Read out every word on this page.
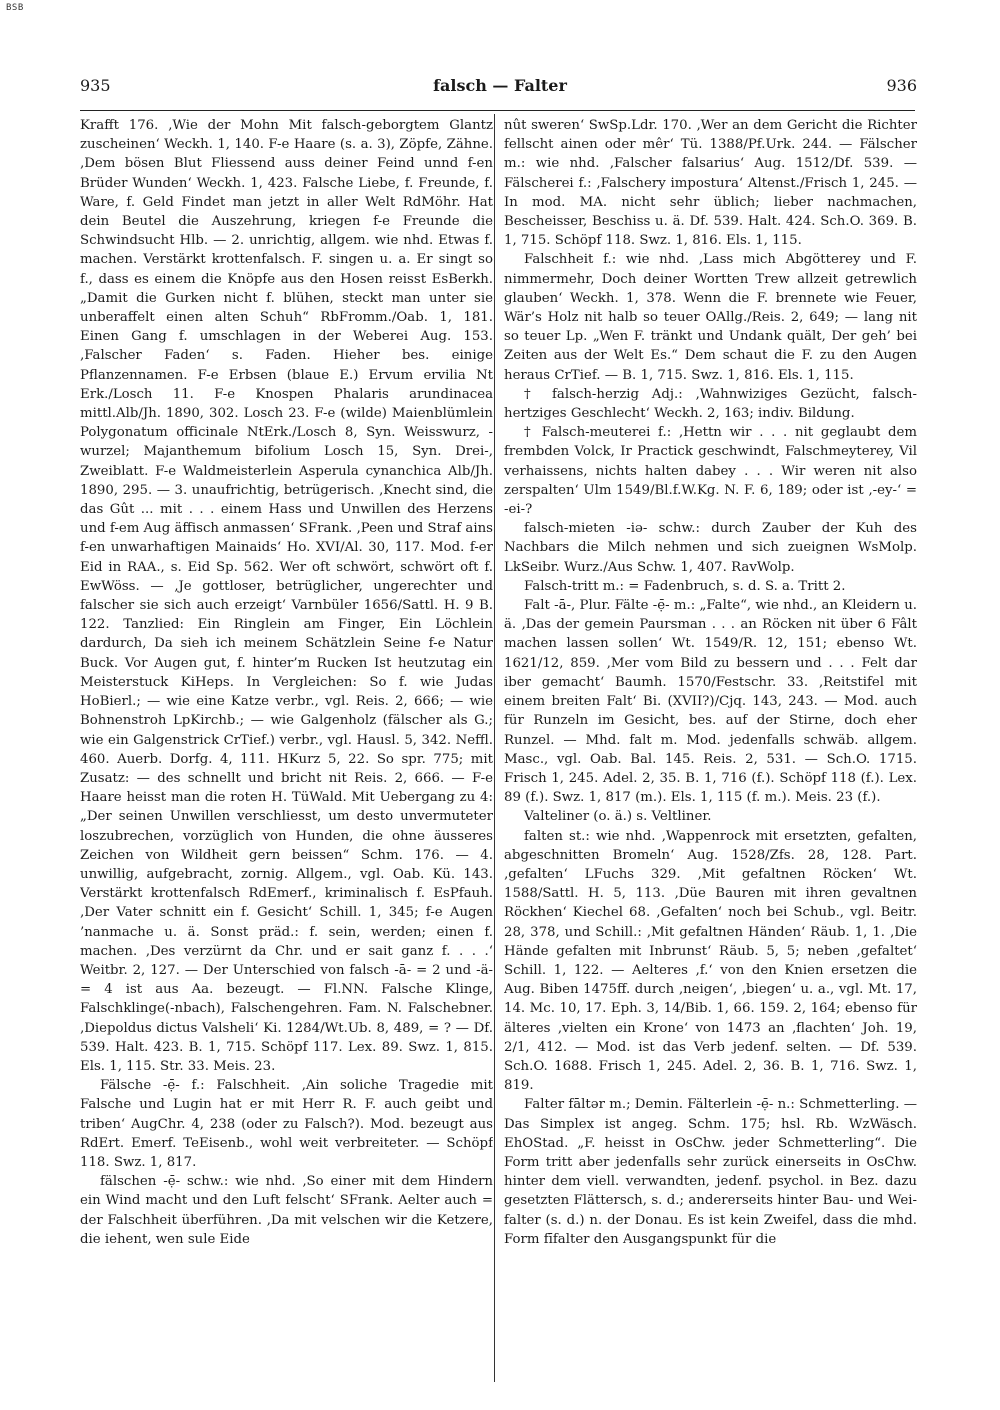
BSB
935	falsch — Falter	936

Krafft 176. ‚Wie der Mohn Mit falsch-geborgtem Glantz zuscheinen‘ Weckh. 1, 140. F-e Haare (s. a. 3), Zöpfe, Zähne. ‚Dem bösen Blut Fliessend auss deiner Feind unnd f-en Brüder Wunden‘ Weckh. 1, 423. Falsche Liebe, f. Freunde, f. Ware, f. Geld Findet man jetzt in aller Welt RdMöhr. Hat dein Beutel die Auszehrung, kriegen f-e Freunde die Schwindsucht Hlb. — 2. unrichtig, allgem. wie nhd. Etwas f. machen. Verstärkt krottenfalsch. F. singen u. a. Er singt so f., dass es einem die Knöpfe aus den Hosen reisst EsBerkh. „Damit die Gurken nicht f. blühen, steckt man unter sie unberaffelt einen alten Schuh“ RbFromm./Oab. 1, 181. Einen Gang f. umschlagen in der Weberei Aug. 153. ‚Falscher Faden‘ s. Faden. Hieher bes. einige Pflanzennamen. F-e Erbsen (blaue E.) Ervum ervilia Nt Erk./Losch 11. F-e Knospen Phalaris arundinacea mittl.Alb/Jh. 1890, 302. Losch 23. F-e (wilde) Maienblümlein Polygonatum officinale NtErk./Losch 8, Syn. Weisswurz, -wurzel; Majanthemum bifolium Losch 15, Syn. Drei-, Zweiblatt. F-e Waldmeisterlein Asperula cynanchica Alb/Jh. 1890, 295. — 3. unaufrichtig, betrügerisch. ‚Knecht sind, die das Gût ... mit . . . einem Hass und Unwillen des Herzens und f-em Aug äffisch anmassen‘ SFrank. ‚Peen und Straf ains f-en unwarhaftigen Mainaids‘ Ho. XVI/Al. 30, 117. Mod. f-er Eid in RAA., s. Eid Sp. 562. Wer oft schwört, schwört oft f. EwWöss. — ‚Je gottloser, betrüglicher, ungerechter und falscher sie sich auch erzeigt‘ Varnbüler 1656/Sattl. H. 9 B. 122. Tanzlied: Ein Ringlein am Finger, Ein Löchlein dardurch, Da sieh ich meinem Schätzlein Seine f-e Natur Buck. Vor Augen gut, f. hinter’m Rucken Ist heutzutag ein Meisterstuck KiHeps. In Vergleichen: So f. wie Judas HoBierl.; — wie eine Katze verbr., vgl. Reis. 2, 666; — wie Bohnenstroh LpKirchb.; — wie Galgenholz (fälscher als G.; wie ein Galgenstrick CrTief.) verbr., vgl. Hausl. 5, 342. Neffl. 460. Auerb. Dorfg. 4, 111. HKurz 5, 22. So spr. 775; mit Zusatz: — des schnellt und bricht nit Reis. 2, 666. — F-e Haare heisst man die roten H. TüWald. Mit Uebergang zu 4: „Der seinen Unwillen verschliesst, um desto unvermuteter loszubrechen, vorzüglich von Hunden, die ohne äusseres Zeichen von Wildheit gern beissen“ Schm. 176. — 4. unwillig, aufgebracht, zornig. Allgem., vgl. Oab. Kü. 143. Verstärkt krottenfalsch RdEmerf., kriminalisch f. EsPfauh. ‚Der Vater schnitt ein f. Gesicht‘ Schill. 1, 345; f-e Augen ’nanmache u. ä. Sonst präd.: f. sein, werden; einen f. machen. ‚Des verzürnt da Chr. und er sait ganz f. . . .‘ Weitbr. 2, 127. — Der Unterschied von falsch -ā- = 2 und -ä- = 4 ist aus Aa. bezeugt. — Fl.NN. Falsche Klinge, Falschklinge(-nbach), Falschengehren. Fam. N. Falschebner. ‚Diepoldus dictus Valsheli‘ Ki. 1284/Wt.Ub. 8, 489, = ? — Df. 539. Halt. 423. B. 1, 715. Schöpf 117. Lex. 89. Swz. 1, 815. Els. 1, 115. Str. 33. Meis. 23.

Fälsche -ẹ̄- f.: Falschheit. ‚Ain soliche Tragedie mit Falsche und Lugin hat er mit Herr R. F. auch geibt und triben‘ AugChr. 4, 238 (oder zu Falsch?). Mod. bezeugt aus RdErt. Emerf. TeEisenb., wohl weit verbreiteter. — Schöpf 118. Swz. 1, 817.

fälschen -ẹ̄- schw.: wie nhd. ‚So einer mit dem Hindern ein Wind macht und den Luft felscht‘ SFrank. Aelter auch = der Falschheit überführen. ‚Da mit velschen wir die Ketzere, die iehent, wen sule Eide

nût sweren‘ SwSp.Ldr. 170. ‚Wer an dem Gericht die Richter fellscht ainen oder mêr‘ Tü. 1388/Pf.Urk. 244. — Fälscher m.: wie nhd. ‚Falscher falsarius‘ Aug. 1512/Df. 539. — Fälscherei f.: ‚Falschery impostura‘ Altenst./Frisch 1, 245. — In mod. MA. nicht sehr üblich; lieber nachmachen, Bescheisser, Beschiss u. ä. Df. 539. Halt. 424. Sch.O. 369. B. 1, 715. Schöpf 118. Swz. 1, 816. Els. 1, 115.

Falschheit f.: wie nhd. ‚Lass mich Abgötterey und F. nimmermehr, Doch deiner Wortten Trew allzeit getrewlich glauben‘ Weckh. 1, 378. Wenn die F. brennete wie Feuer, Wär’s Holz nit halb so teuer OAllg./Reis. 2, 649; — lang nit so teuer Lp. „Wen F. tränkt und Undank quält, Der geh’ bei Zeiten aus der Welt Es.“ Dem schaut die F. zu den Augen heraus CrTief. — B. 1, 715. Swz. 1, 816. Els. 1, 115.

† falsch-herzig Adj.: ‚Wahnwiziges Gezücht, falsch-hertziges Geschlecht‘ Weckh. 2, 163; indiv. Bildung.

† Falsch-meuterei f.: ‚Hettn wir . . . nit geglaubt dem frembden Volck, Ir Practick geschwindt, Falschmeyterey, Vil verhaissens, nichts halten dabey . . . Wir weren nit also zerspalten‘ Ulm 1549/Bl.f.W.Kg. N. F. 6, 189; oder ist ‚-ey-‘ = -ei-?

falsch-mieten -iə- schw.: durch Zauber der Kuh des Nachbars die Milch nehmen und sich zueignen WsMolp. LkSeibr. Wurz./Aus Schw. 1, 407. RavWolp.

Falsch-tritt m.: = Fadenbruch, s. d. S. a. Tritt 2.

Falt -ā-, Plur. Fälte -ẹ̄- m.: „Falte“, wie nhd., an Kleidern u. ä. ‚Das der gemein Paursman . . . an Röcken nit über 6 Fâlt machen lassen sollen‘ Wt. 1549/R. 12, 151; ebenso Wt. 1621/12, 859. ‚Mer vom Bild zu bessern und . . . Felt dar iber gemacht‘ Baumh. 1570/Festschr. 33. ‚Reitstifel mit einem breiten Falt‘ Bi. (XVII?)/Cjq. 143, 243. — Mod. auch für Runzeln im Gesicht, bes. auf der Stirne, doch eher Runzel. — Mhd. falt m. Mod. jedenfalls schwäb. allgem. Masc., vgl. Oab. Bal. 145. Reis. 2, 531. — Sch.O. 1715. Frisch 1, 245. Adel. 2, 35. B. 1, 716 (f.). Schöpf 118 (f.). Lex. 89 (f.). Swz. 1, 817 (m.). Els. 1, 115 (f. m.). Meis. 23 (f.).

Valteliner (o. ä.) s. Veltliner.

falten st.: wie nhd. ‚Wappenrock mit ersetzten, gefalten, abgeschnitten Bromeln‘ Aug. 1528/Zfs. 28, 128. Part. ‚gefalten‘ LFuchs 329. ‚Mit gefaltnen Röcken‘ Wt. 1588/Sattl. H. 5, 113. ‚Düe Bauren mit ihren gevaltnen Röckhen‘ Kiechel 68. ‚Gefalten‘ noch bei Schub., vgl. Beitr. 28, 378, und Schill.: ‚Mit gefaltnen Händen‘ Räub. 1, 1. ‚Die Hände gefalten mit Inbrunst‘ Räub. 5, 5; neben ‚gefaltet‘ Schill. 1, 122. — Aelteres ‚f.‘ von den Knien ersetzen die Aug. Biben 1475ff. durch ‚neigen‘, ‚biegen‘ u. a., vgl. Mt. 17, 14. Mc. 10, 17. Eph. 3, 14/Bib. 1, 66. 159. 2, 164; ebenso für älteres ‚vielten ein Krone‘ von 1473 an ‚flachten‘ Joh. 19, 2/1, 412. — Mod. ist das Verb jedenf. selten. — Df. 539. Sch.O. 1688. Frisch 1, 245. Adel. 2, 36. B. 1, 716. Swz. 1, 819.

Falter fāltər m.; Demin. Fälterlein -ẹ̄- n.: Schmetterling. — Das Simplex ist angeg. Schm. 175; hsl. Rb. WzWäsch. EhOStad. „F. heisst in OsChw. jeder Schmetterling“. Die Form tritt aber jedenfalls sehr zurück einerseits in OsChw. hinter dem viell. verwandten, jedenf. psychol. in Bez. dazu gesetzten Flättersch, s. d.; andererseits hinter Bau- und Wei-falter (s. d.) n. der Donau. Es ist kein Zweifel, dass die mhd. Form fīfalter den Ausgangspunkt für die
